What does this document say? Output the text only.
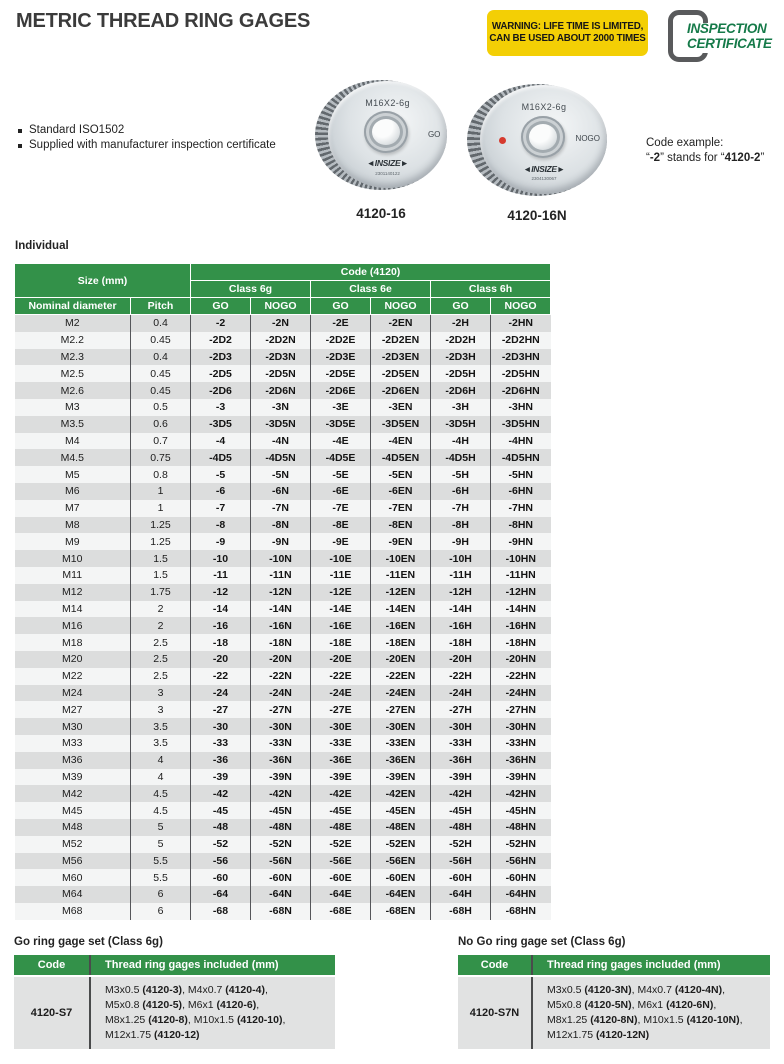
METRIC THREAD RING GAGES	WARNING: LIFE TIME IS LIMITED,
CAN BE USED ABOUT 2000 TIMES
INSPECTION
CERTIFICATE
M16X2-6g
GO
◄INSIZE►
2301140122
4120-16
M16X2-6g
NOGO
◄INSIZE►
2304130067
4120-16N
Standard ISO1502
Supplied with manufacturer inspection certificate	Code example:
“-2” stands for “4120-2”
Individual
Size (mm)		Code (4120)					
		Class 6g		Class 6e		Class 6h	
Nominal diameter	Pitch	GO	NOGO	GO	NOGO	GO	NOGO
M2	0.4	-2	-2N	-2E	-2EN	-2H	-2HN
M2.2	0.45	-2D2	-2D2N	-2D2E	-2D2EN	-2D2H	-2D2HN
M2.3	0.4	-2D3	-2D3N	-2D3E	-2D3EN	-2D3H	-2D3HN
M2.5	0.45	-2D5	-2D5N	-2D5E	-2D5EN	-2D5H	-2D5HN
M2.6	0.45	-2D6	-2D6N	-2D6E	-2D6EN	-2D6H	-2D6HN
M3	0.5	-3	-3N	-3E	-3EN	-3H	-3HN
M3.5	0.6	-3D5	-3D5N	-3D5E	-3D5EN	-3D5H	-3D5HN
M4	0.7	-4	-4N	-4E	-4EN	-4H	-4HN
M4.5	0.75	-4D5	-4D5N	-4D5E	-4D5EN	-4D5H	-4D5HN
M5	0.8	-5	-5N	-5E	-5EN	-5H	-5HN
M6	1	-6	-6N	-6E	-6EN	-6H	-6HN
M7	1	-7	-7N	-7E	-7EN	-7H	-7HN
M8	1.25	-8	-8N	-8E	-8EN	-8H	-8HN
M9	1.25	-9	-9N	-9E	-9EN	-9H	-9HN
M10	1.5	-10	-10N	-10E	-10EN	-10H	-10HN
M11	1.5	-11	-11N	-11E	-11EN	-11H	-11HN
M12	1.75	-12	-12N	-12E	-12EN	-12H	-12HN
M14	2	-14	-14N	-14E	-14EN	-14H	-14HN
M16	2	-16	-16N	-16E	-16EN	-16H	-16HN
M18	2.5	-18	-18N	-18E	-18EN	-18H	-18HN
M20	2.5	-20	-20N	-20E	-20EN	-20H	-20HN
M22	2.5	-22	-22N	-22E	-22EN	-22H	-22HN
M24	3	-24	-24N	-24E	-24EN	-24H	-24HN
M27	3	-27	-27N	-27E	-27EN	-27H	-27HN
M30	3.5	-30	-30N	-30E	-30EN	-30H	-30HN
M33	3.5	-33	-33N	-33E	-33EN	-33H	-33HN
M36	4	-36	-36N	-36E	-36EN	-36H	-36HN
M39	4	-39	-39N	-39E	-39EN	-39H	-39HN
M42	4.5	-42	-42N	-42E	-42EN	-42H	-42HN
M45	4.5	-45	-45N	-45E	-45EN	-45H	-45HN
M48	5	-48	-48N	-48E	-48EN	-48H	-48HN
M52	5	-52	-52N	-52E	-52EN	-52H	-52HN
M56	5.5	-56	-56N	-56E	-56EN	-56H	-56HN
M60	5.5	-60	-60N	-60E	-60EN	-60H	-60HN
M64	6	-64	-64N	-64E	-64EN	-64H	-64HN
M68	6	-68	-68N	-68E	-68EN	-68H	-68HN
Go ring gage set (Class 6g)
Code	Thread ring gages included (mm)
4120-S7	M3x0.5 (4120-3), M4x0.7 (4120-4),
M5x0.8 (4120-5), M6x1 (4120-6),
M8x1.25 (4120-8), M10x1.5 (4120-10),
M12x1.75 (4120-12)
No Go ring gage set (Class 6g)
Code	Thread ring gages included (mm)
4120-S7N	M3x0.5 (4120-3N), M4x0.7 (4120-4N),
M5x0.8 (4120-5N), M6x1 (4120-6N),
M8x1.25 (4120-8N), M10x1.5 (4120-10N),
M12x1.75 (4120-12N)
